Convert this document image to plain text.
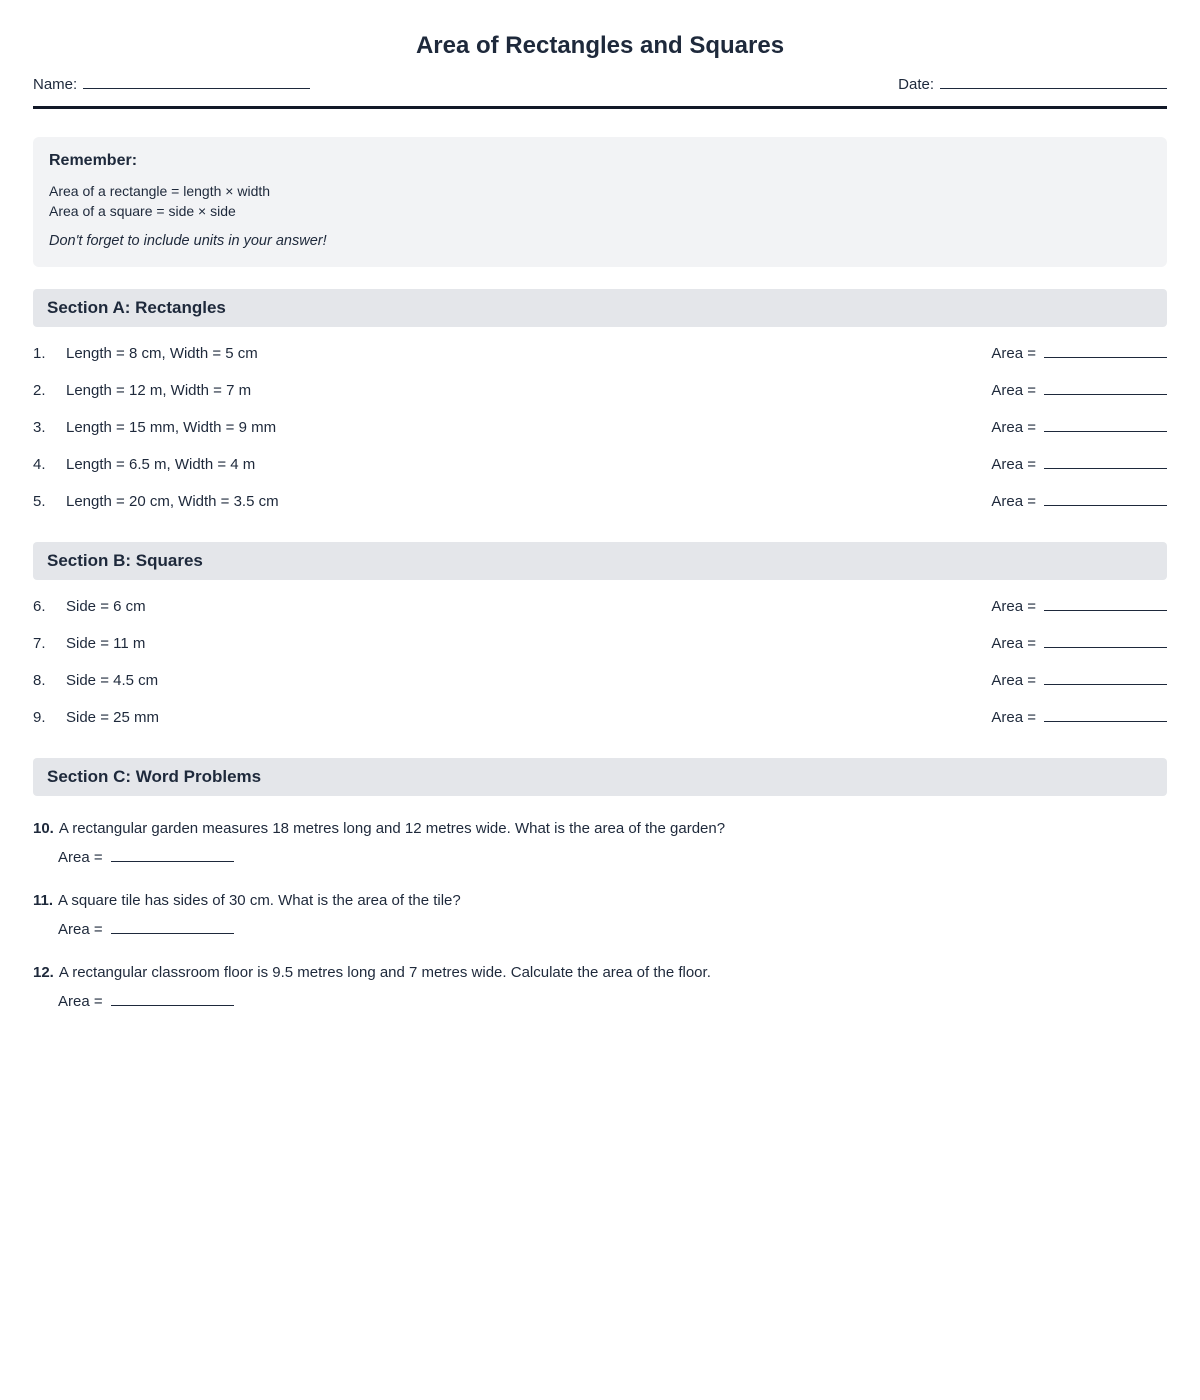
Area of Rectangles and Squares
Name:	Date:

Remember:

Area of a rectangle = length × width

Area of a square = side × side

Don't forget to include units in your answer!

Section A: Rectangles
1.	Length = 8 cm, Width = 5 cm	Area =
2.	Length = 12 m, Width = 7 m	Area =
3.	Length = 15 mm, Width = 9 mm	Area =
4.	Length = 6.5 m, Width = 4 m	Area =
5.	Length = 20 cm, Width = 3.5 cm	Area =
Section B: Squares
6.	Side = 6 cm	Area =
7.	Side = 11 m	Area =
8.	Side = 4.5 cm	Area =
9.	Side = 25 mm	Area =
Section C: Word Problems
10. A rectangular garden measures 18 metres long and 12 metres wide. What is the area of the garden?
Area =
11. A square tile has sides of 30 cm. What is the area of the tile?
Area =
12. A rectangular classroom floor is 9.5 metres long and 7 metres wide. Calculate the area of the floor.
Area =
